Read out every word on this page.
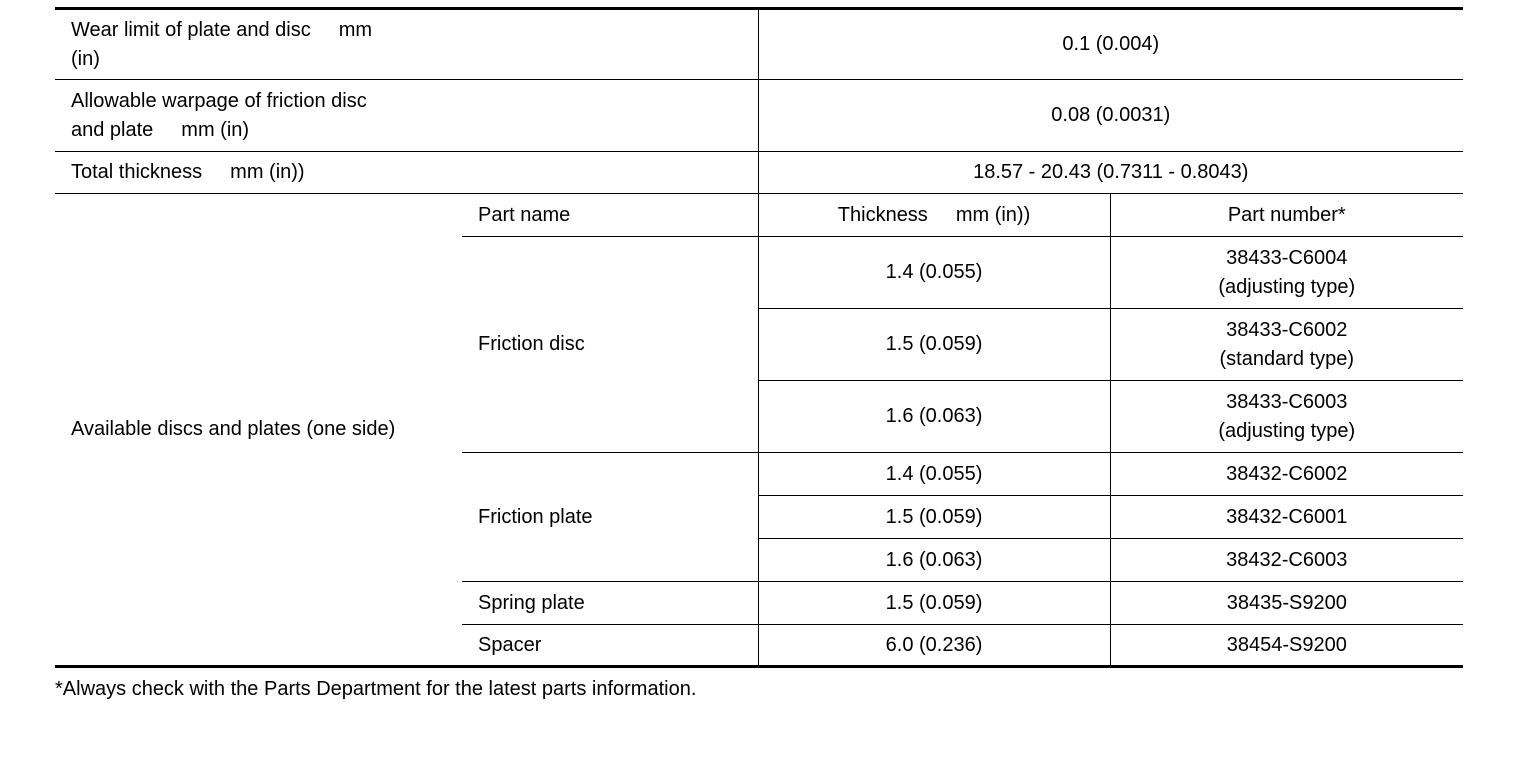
Wear limit of plate and disc mm
(in)		0.1 (0.004)	
Allowable warpage of friction disc
and plate mm (in)		0.08 (0.0031)	
Total thickness mm (in))		18.57 - 20.43 (0.7311 - 0.8043)	
Available discs and plates (one side)	Part name	Thickness mm (in))	Part number*
	Friction disc	1.4 (0.055)	38433-C6004
(adjusting type)
		1.5 (0.059)	38433-C6002
(standard type)
		1.6 (0.063)	38433-C6003
(adjusting type)
	Friction plate	1.4 (0.055)	38432-C6002
		1.5 (0.059)	38432-C6001
		1.6 (0.063)	38432-C6003
	Spring plate	1.5 (0.059)	38435-S9200
	Spacer	6.0 (0.236)	38454-S9200
*Always check with the Parts Department for the latest parts information.
